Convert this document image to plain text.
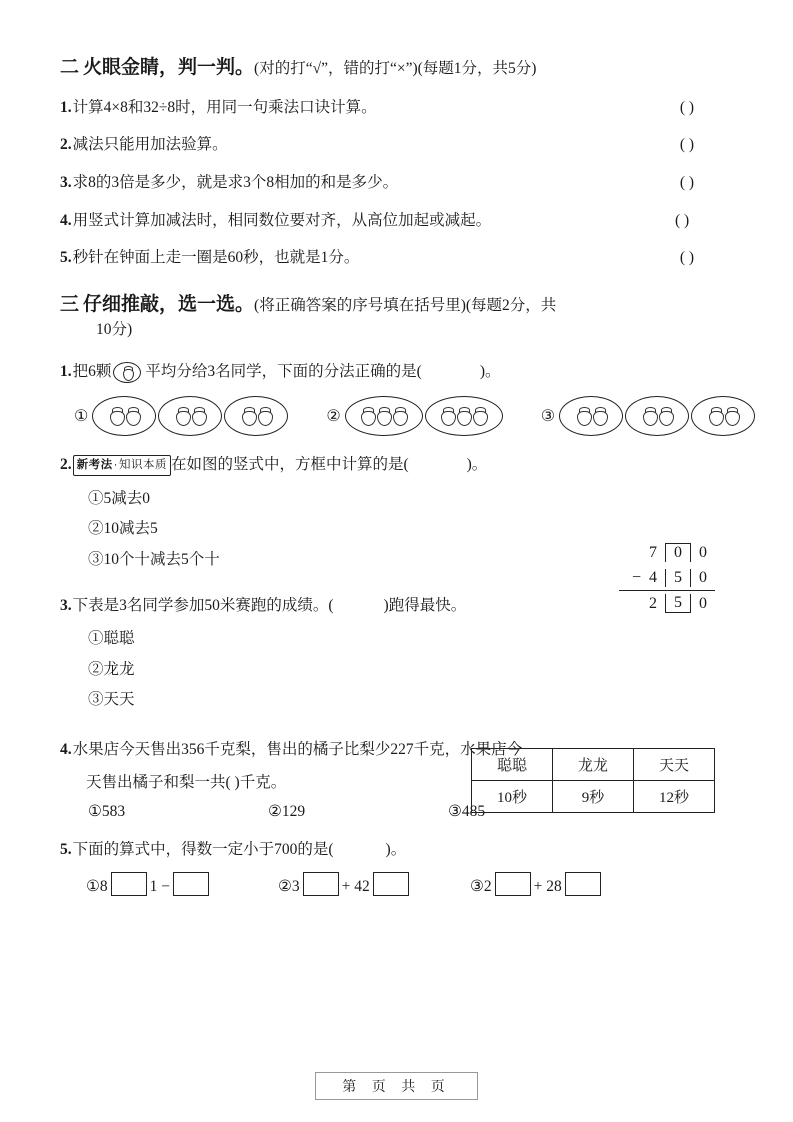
二 火眼金睛，判一判。 (对的打“√”，错的打“×”)(每题1分，共5分)
1. 计算4×8和32÷8时，用同一句乘法口诀计算。	( )
2. 减法只能用加法验算。	( )
3. 求8的3倍是多少，就是求3个8相加的和是多少。	( )
4. 用竖式计算加减法时，相同数位要对齐，从高位加起或减起。	( )
5. 秒针在钟面上走一圈是60秒，也就是1分。	( )
三 仔细推敲，选一选。 (将正确答案的序号填在括号里)(每题2分，共
10分)
1. 把6颗 平均分给3名同学，下面的分法正确的是(	)。
①	②	③
2. 新考法·知识本质 在如图的竖式中，方框中计算的是(	)。
①5减去0
②10减去5
③10个十减去5个十	7	0	0
− 4	5	0
2	5	0
3. 下表是3名同学参加50米赛跑的成绩。(	)跑得最快。
①聪聪
②龙龙
③天天
聪聪	龙龙	天天
10秒	9秒	12秒
4. 水果店今天售出356千克梨，售出的橘子比梨少227千克，水果店今
天售出橘子和梨一共( )千克。
①583	②129	③485
5. 下面的算式中，得数一定小于700的是(	)。
①8	1 −	②3	+ 42	③2	+ 28
第 页 共 页
